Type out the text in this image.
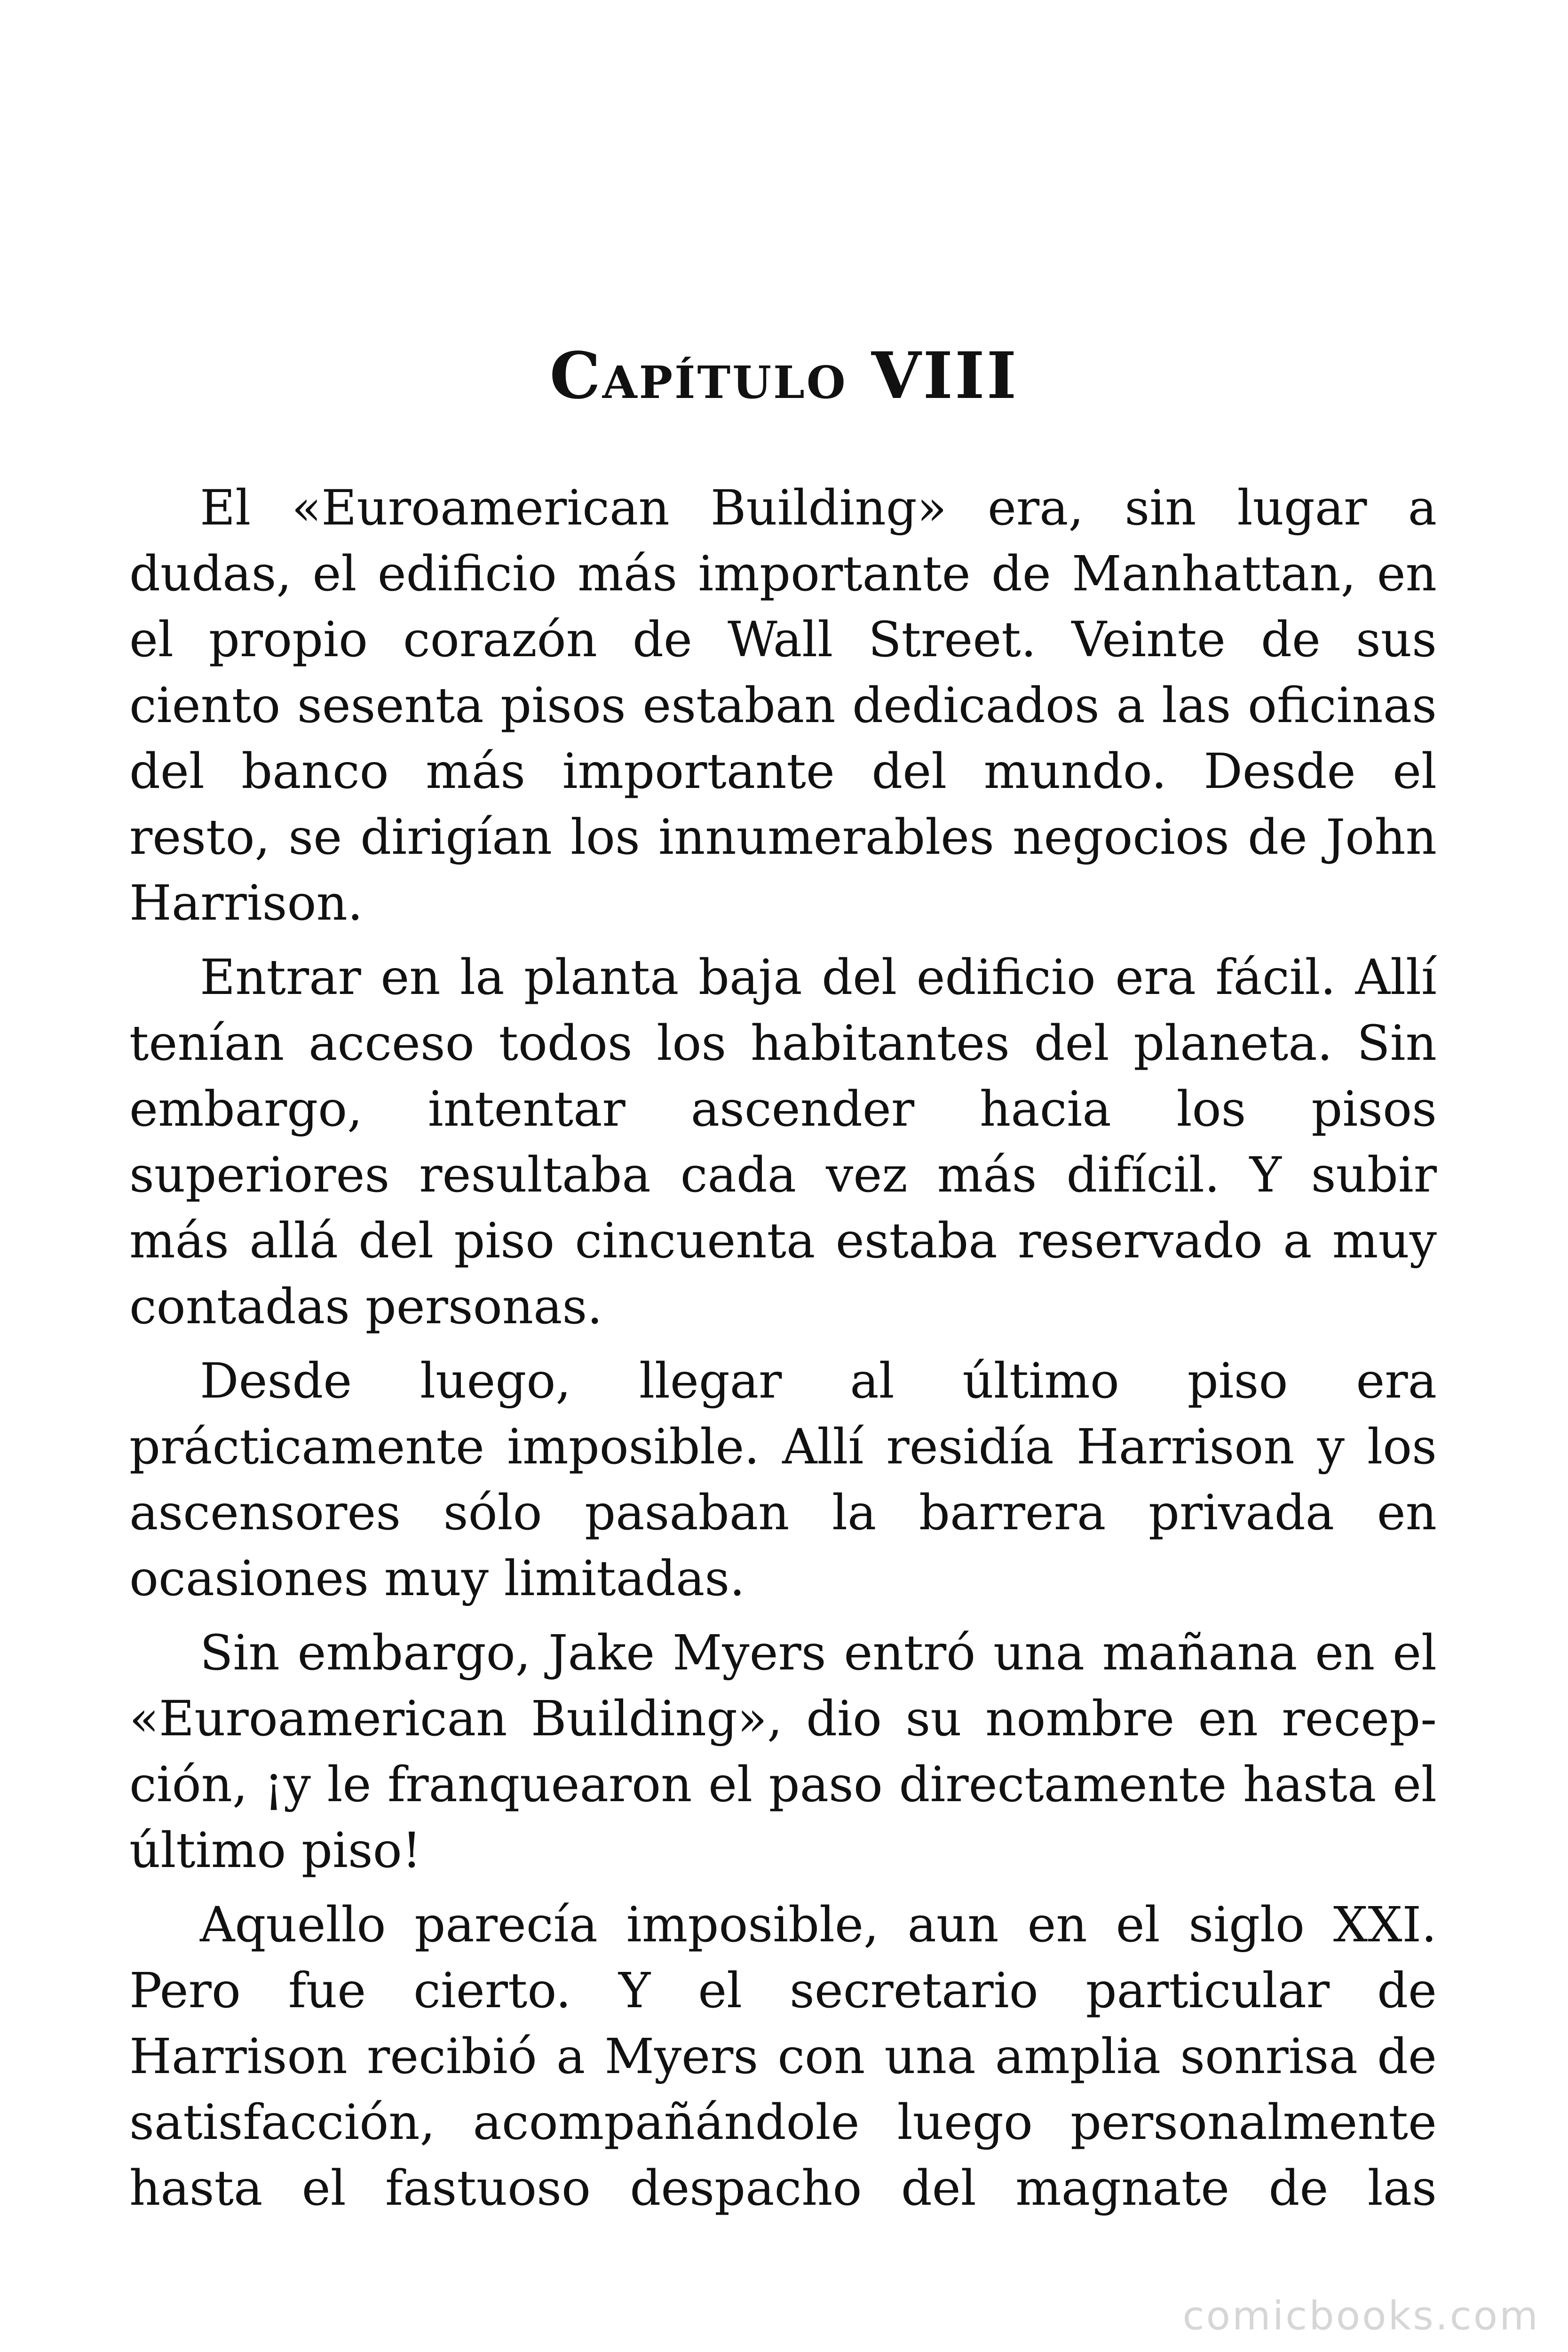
Capítulo VIII

El «Euroamerican Building» era, sin lugar a dudas, el edificio más importante de Manhattan, en el propio corazón de Wall Street. Veinte de sus ciento sesenta pisos estaban dedicados a las oficinas del banco más importante del mundo. Desde el resto, se dirigían los innumerables negocios de John Harrison.

Entrar en la planta baja del edificio era fácil. Allí tenían acceso todos los habitantes del planeta. Sin embargo, intentar ascender hacia los pisos superiores resultaba cada vez más difícil. Y subir más allá del piso cincuenta estaba reservado a muy contadas personas.

Desde luego, llegar al último piso era prácticamente imposible. Allí residía Harrison y los ascensores sólo pasaban la barrera privada en ocasiones muy limitadas.

Sin embargo, Jake Myers entró una mañana en el «Euroamerican Building», dio su nombre en recepción, ¡y le franquearon el paso directamente hasta el último piso!

Aquello parecía imposible, aun en el siglo XXI. Pero fue cierto. Y el secretario particular de Harrison recibió a Myers con una amplia sonrisa de satisfacción, acompañándole luego personalmente hasta el fastuoso despacho del magnate de las

comicbooks.com
